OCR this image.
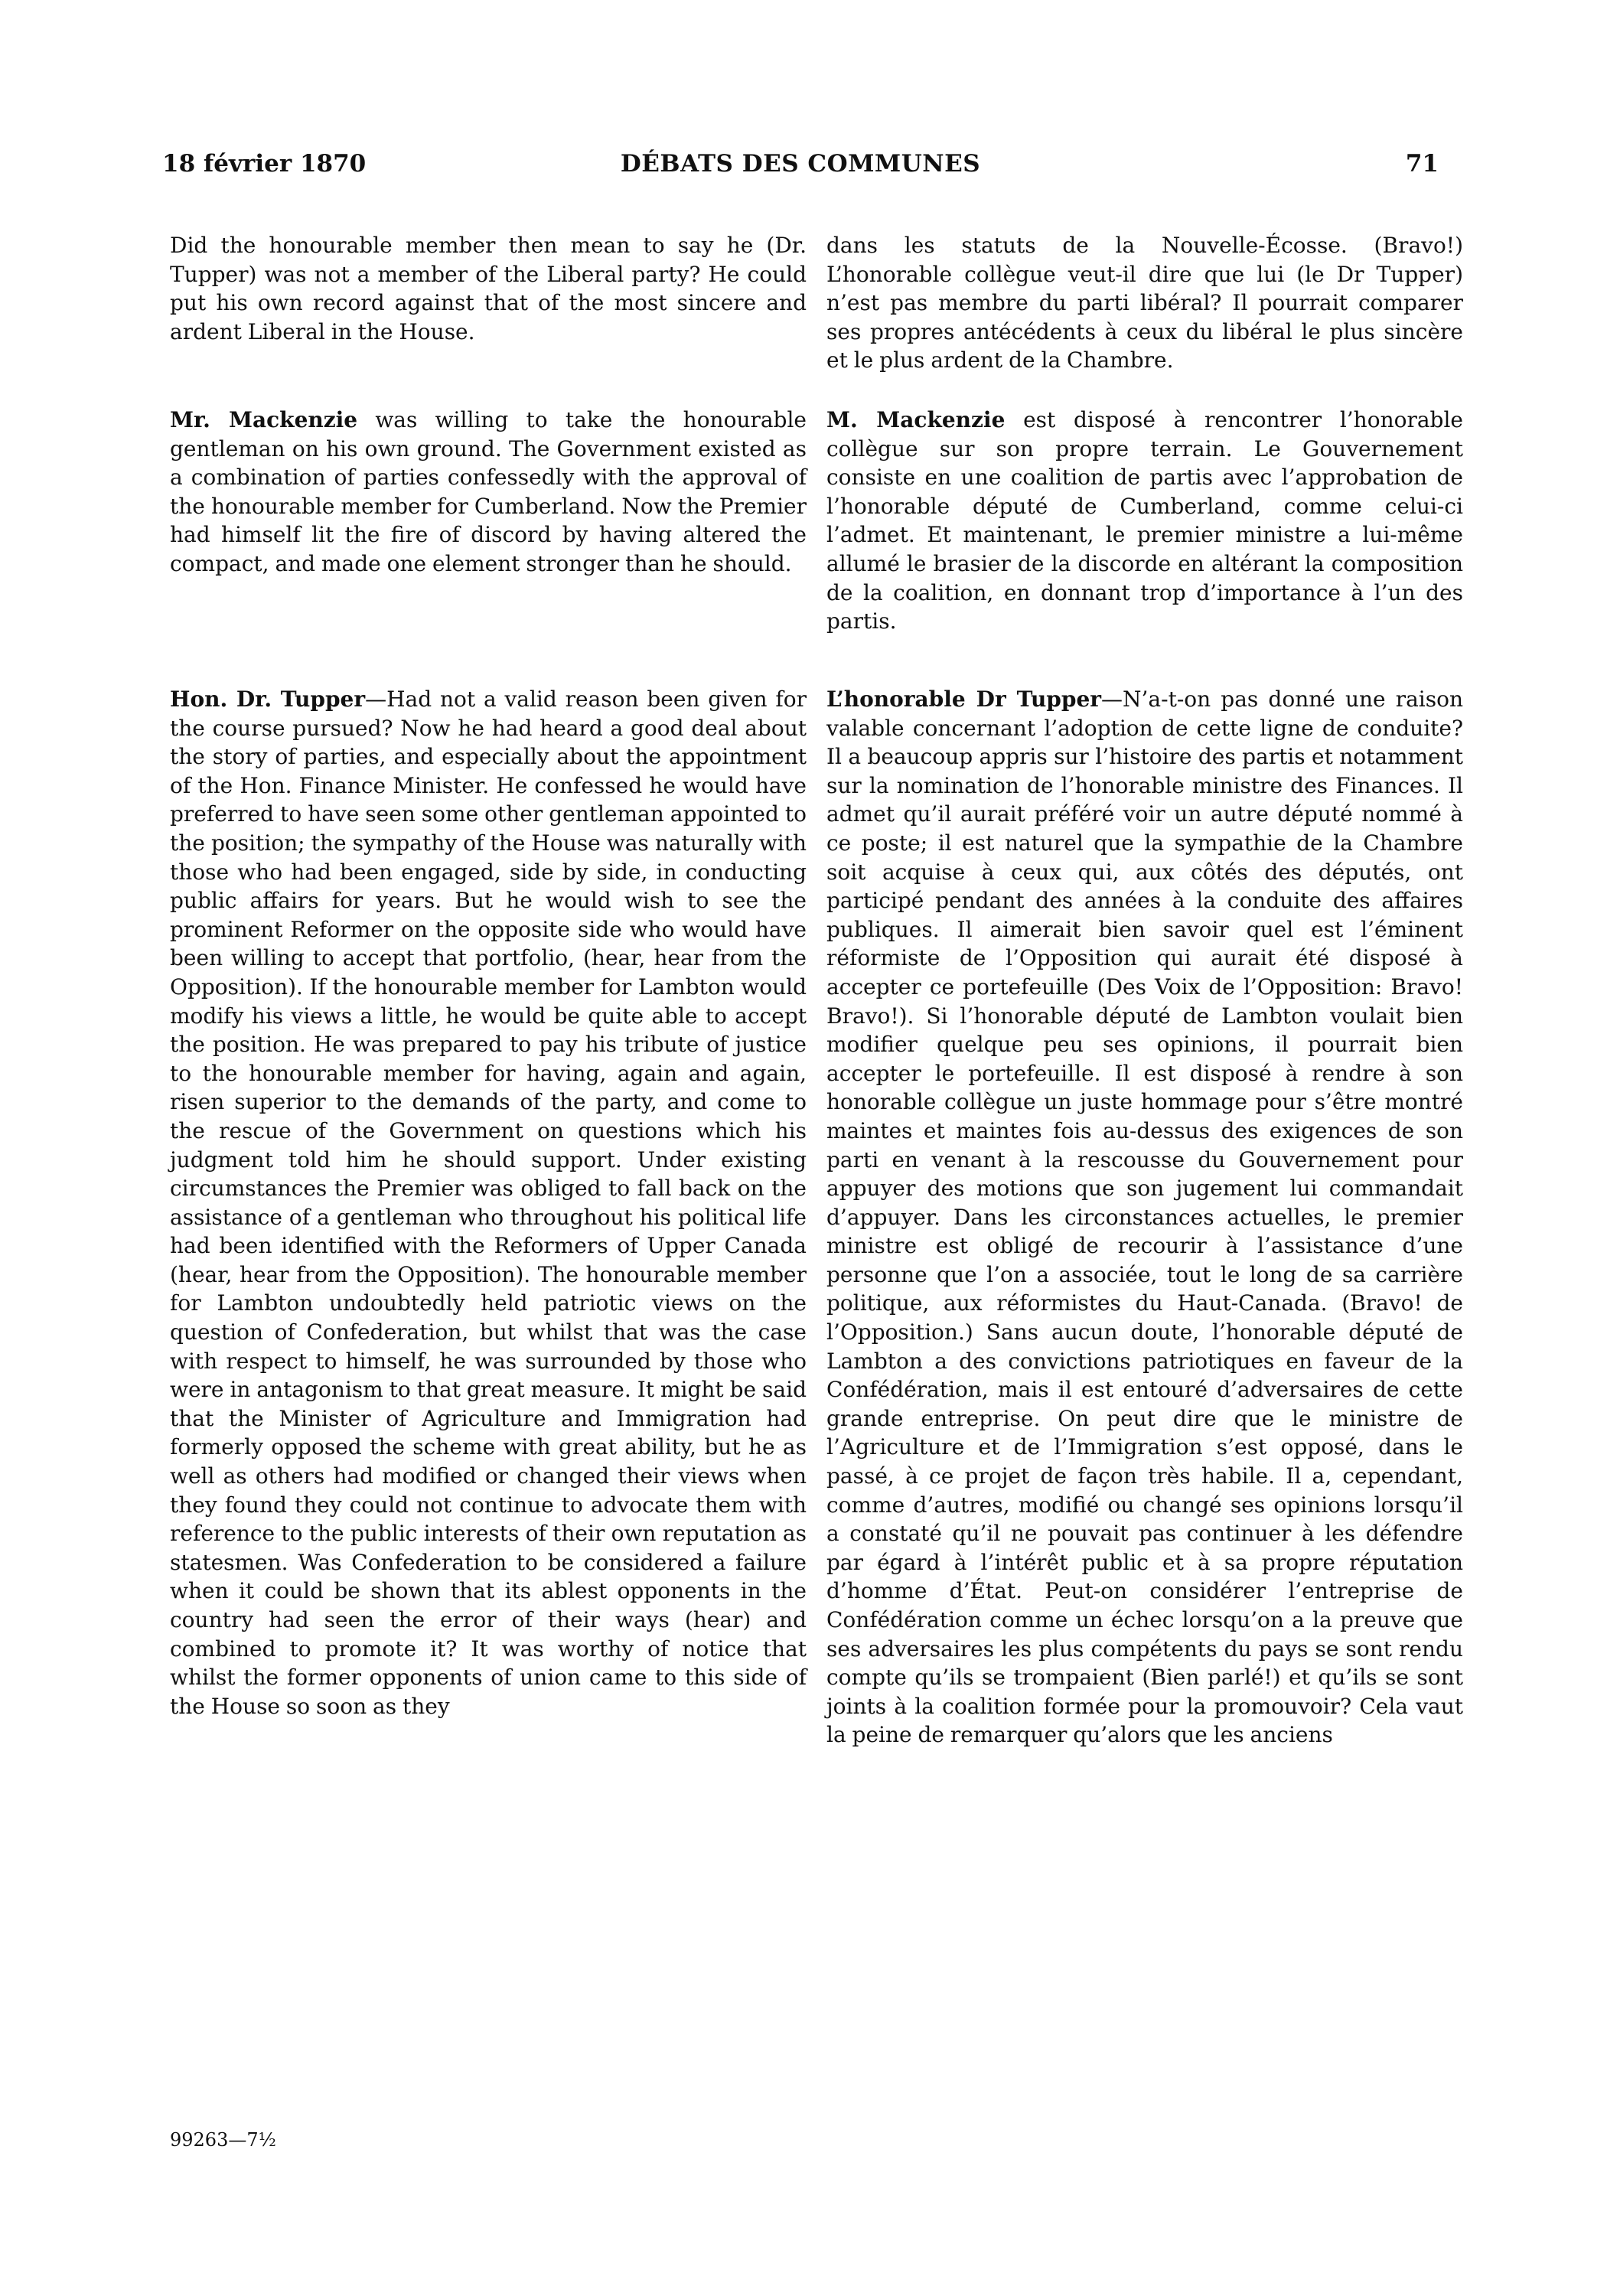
18 février 1870	DÉBATS DES COMMUNES	71

Did the honourable member then mean to say he (Dr. Tupper) was not a member of the Liberal party? He could put his own record against that of the most sincere and ardent Liberal in the House.

Mr. Mackenzie was willing to take the honourable gentleman on his own ground. The Government existed as a combination of parties confessedly with the approval of the honourable member for Cumberland. Now the Premier had himself lit the fire of discord by having altered the compact, and made one element stronger than he should.

Hon. Dr. Tupper—Had not a valid reason been given for the course pursued? Now he had heard a good deal about the story of parties, and especially about the appointment of the Hon. Finance Minister. He confessed he would have preferred to have seen some other gentleman appointed to the position; the sympathy of the House was naturally with those who had been engaged, side by side, in conducting public affairs for years. But he would wish to see the prominent Reformer on the opposite side who would have been willing to accept that portfolio, (hear, hear from the Opposition). If the honourable member for Lambton would modify his views a little, he would be quite able to accept the position. He was prepared to pay his tribute of justice to the honourable member for having, again and again, risen superior to the demands of the party, and come to the rescue of the Government on questions which his judgment told him he should support. Under existing circumstances the Premier was obliged to fall back on the assistance of a gentleman who throughout his political life had been identified with the Reformers of Upper Canada (hear, hear from the Opposition). The honourable member for Lambton undoubtedly held patriotic views on the question of Confederation, but whilst that was the case with respect to himself, he was surrounded by those who were in antagonism to that great measure. It might be said that the Minister of Agriculture and Immigration had formerly opposed the scheme with great ability, but he as well as others had modified or changed their views when they found they could not continue to advocate them with reference to the public interests of their own reputation as statesmen. Was Confederation to be considered a failure when it could be shown that its ablest opponents in the country had seen the error of their ways (hear) and combined to promote it? It was worthy of notice that whilst the former opponents of union came to this side of the House so soon as they

dans les statuts de la Nouvelle-Écosse. (Bravo!) L’honorable collègue veut-il dire que lui (le Dr Tupper) n’est pas membre du parti libéral? Il pourrait comparer ses propres antécédents à ceux du libéral le plus sincère et le plus ardent de la Chambre.

M. Mackenzie est disposé à rencontrer l’honorable collègue sur son propre terrain. Le Gouvernement consiste en une coalition de partis avec l’approbation de l’honorable député de Cumberland, comme celui-ci l’admet. Et maintenant, le premier ministre a lui-même allumé le brasier de la discorde en altérant la composition de la coalition, en donnant trop d’importance à l’un des partis.

L’honorable Dr Tupper—N’a-t-on pas donné une raison valable concernant l’adoption de cette ligne de conduite? Il a beaucoup appris sur l’histoire des partis et notamment sur la nomination de l’honorable ministre des Finances. Il admet qu’il aurait préféré voir un autre député nommé à ce poste; il est naturel que la sympathie de la Chambre soit acquise à ceux qui, aux côtés des députés, ont participé pendant des années à la conduite des affaires publiques. Il aimerait bien savoir quel est l’éminent réformiste de l’Opposition qui aurait été disposé à accepter ce portefeuille (Des Voix de l’Opposition: Bravo! Bravo!). Si l’honorable député de Lambton voulait bien modifier quelque peu ses opinions, il pourrait bien accepter le portefeuille. Il est disposé à rendre à son honorable collègue un juste hommage pour s’être montré maintes et maintes fois au-dessus des exigences de son parti en venant à la rescousse du Gouvernement pour appuyer des motions que son jugement lui commandait d’appuyer. Dans les circonstances actuelles, le premier ministre est obligé de recourir à l’assistance d’une personne que l’on a associée, tout le long de sa carrière politique, aux réformistes du Haut-Canada. (Bravo! de l’Opposition.) Sans aucun doute, l’honorable député de Lambton a des convictions patriotiques en faveur de la Confédération, mais il est entouré d’adversaires de cette grande entreprise. On peut dire que le ministre de l’Agriculture et de l’Immigration s’est opposé, dans le passé, à ce projet de façon très habile. Il a, cependant, comme d’autres, modifié ou changé ses opinions lorsqu’il a constaté qu’il ne pouvait pas continuer à les défendre par égard à l’intérêt public et à sa propre réputation d’homme d’État. Peut-on considérer l’entreprise de Confédération comme un échec lorsqu’on a la preuve que ses adversaires les plus compétents du pays se sont rendu compte qu’ils se trompaient (Bien parlé!) et qu’ils se sont joints à la coalition formée pour la promouvoir? Cela vaut la peine de remarquer qu’alors que les anciens

99263—7½
